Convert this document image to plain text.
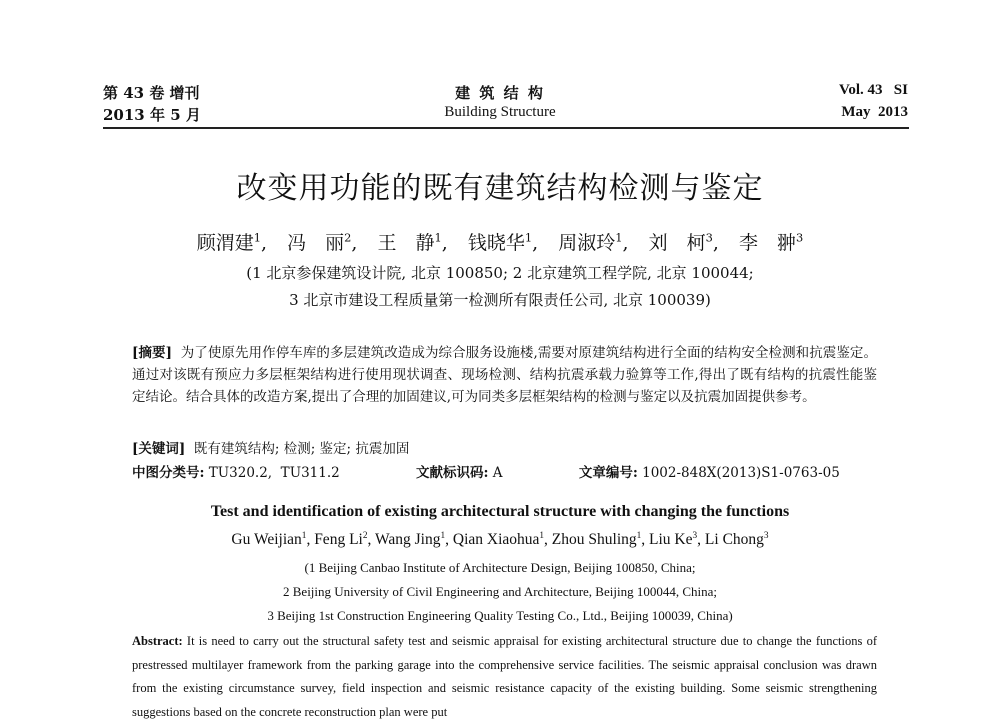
第 43 卷 增刊
2013 年 5 月
建 筑 结 构
Building Structure
Vol. 43   SI
May  2013
改变用功能的既有建筑结构检测与鉴定
顾渭建$^1$, 冯　丽$^2$, 王　静$^1$, 钱晓华$^1$, 周淑玲$^1$, 刘　柯$^3$, 李　翀$^3$
(1 北京参保建筑设计院, 北京 100850; 2 北京建筑工程学院, 北京 100044;
3 北京市建设工程质量第一检测所有限责任公司, 北京 100039)
[摘要] 为了使原先用作停车库的多层建筑改造成为综合服务设施楼,需要对原建筑结构进行全面的结构安全检测和抗震鉴定。通过对该既有预应力多层框架结构进行使用现状调查、现场检测、结构抗震承载力验算等工作,得出了既有结构的抗震性能鉴定结论。结合具体的改造方案,提出了合理的加固建议,可为同类多层框架结构的检测与鉴定以及抗震加固提供参考。
[关键词] 既有建筑结构; 检测; 鉴定; 抗震加固
中图分类号: TU320.2,  TU311.2	文献标识码: A	文章编号: 1002-848X(2013)S1-0763-05
Test and identification of existing architectural structure with changing the functions
Gu Weijian$^1$, Feng Li$^2$, Wang Jing$^1$, Qian Xiaohua$^1$, Zhou Shuling$^1$, Liu Ke$^3$, Li Chong$^3$
(1 Beijing Canbao Institute of Architecture Design, Beijing 100850, China;
2 Beijing University of Civil Engineering and Architecture, Beijing 100044, China;
3 Beijing 1st Construction Engineering Quality Testing Co., Ltd., Beijing 100039, China)
Abstract: It is need to carry out the structural safety test and seismic appraisal for existing architectural structure due to change the functions of prestressed multilayer framework from the parking garage into the comprehensive service facilities. The seismic appraisal conclusion was drawn from the existing circumstance survey, field inspection and seismic resistance capacity of the existing building. Some seismic strengthening suggestions based on the concrete reconstruction plan were put
